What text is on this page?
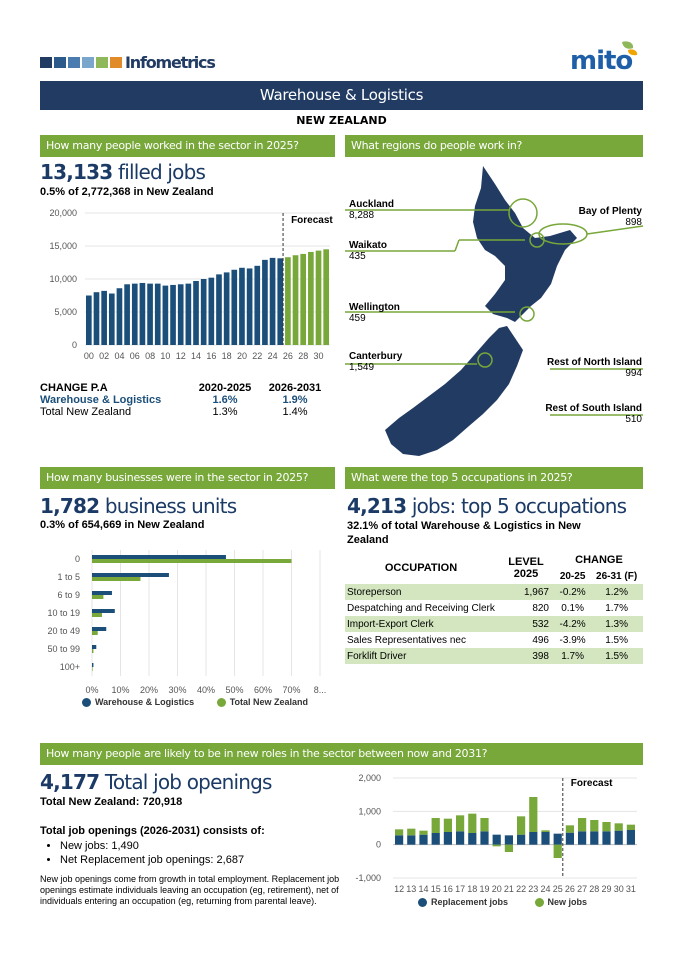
Infometrics	mito
Warehouse & Logistics
NEW ZEALAND
How many people worked in the sector in 2025?
13,133 filled jobs
0.5% of 2,772,368 in New Zealand
0
5,000
10,000
15,000
20,000
00 02 04 06 08 10 12 14 16 18 20 22 24 26 28 30
Forecast
CHANGE P.A	2020-2025	2026-2031
Warehouse & Logistics	1.6%	1.9%
Total New Zealand	1.3%	1.4%
What regions do people work in?
Auckland
8,288	Bay of Plenty
898
Waikato
435
Wellington
459
Canterbury
1,549	Rest of North Island
994
Rest of South Island
510
How many businesses were in the sector in 2025?
1,782 business units
0.3% of 654,669 in New Zealand
0% 10% 20% 30% 40% 50% 60% 70% 8...
0
1 to 5
6 to 9
10 to 19
20 to 49
50 to 99
100+
Warehouse & Logistics	Total New Zealand
What were the top 5 occupations in 2025?
4,213 jobs: top 5 occupations
32.1% of total Warehouse & Logistics in New Zealand
OCCUPATION	LEVEL 2025	CHANGE	
		20-25	26-31 (F)
Storeperson	1,967	-0.2%	1.2%
Despatching and Receiving Clerk	820	0.1%	1.7%
Import-Export Clerk	532	-4.2%	1.3%
Sales Representatives nec	496	-3.9%	1.5%
Forklift Driver	398	1.7%	1.5%
How many people are likely to be in new roles in the sector between now and 2031?
4,177 Total job openings
Total New Zealand: 720,918
Total job openings (2026-2031) consists of:
• New jobs: 1,490
• Net Replacement job openings: 2,687
New job openings come from growth in total employment. Replacement job openings estimate individuals leaving an occupation (eg, retirement), net of individuals entering an occupation (eg, returning from parental leave).
2,000
1,000
0
-1,000
12 13 14 15 16 17 18 19 20 21 22 23 24 25 26 27 28 29 30 31
Forecast
Replacement jobs	New jobs
